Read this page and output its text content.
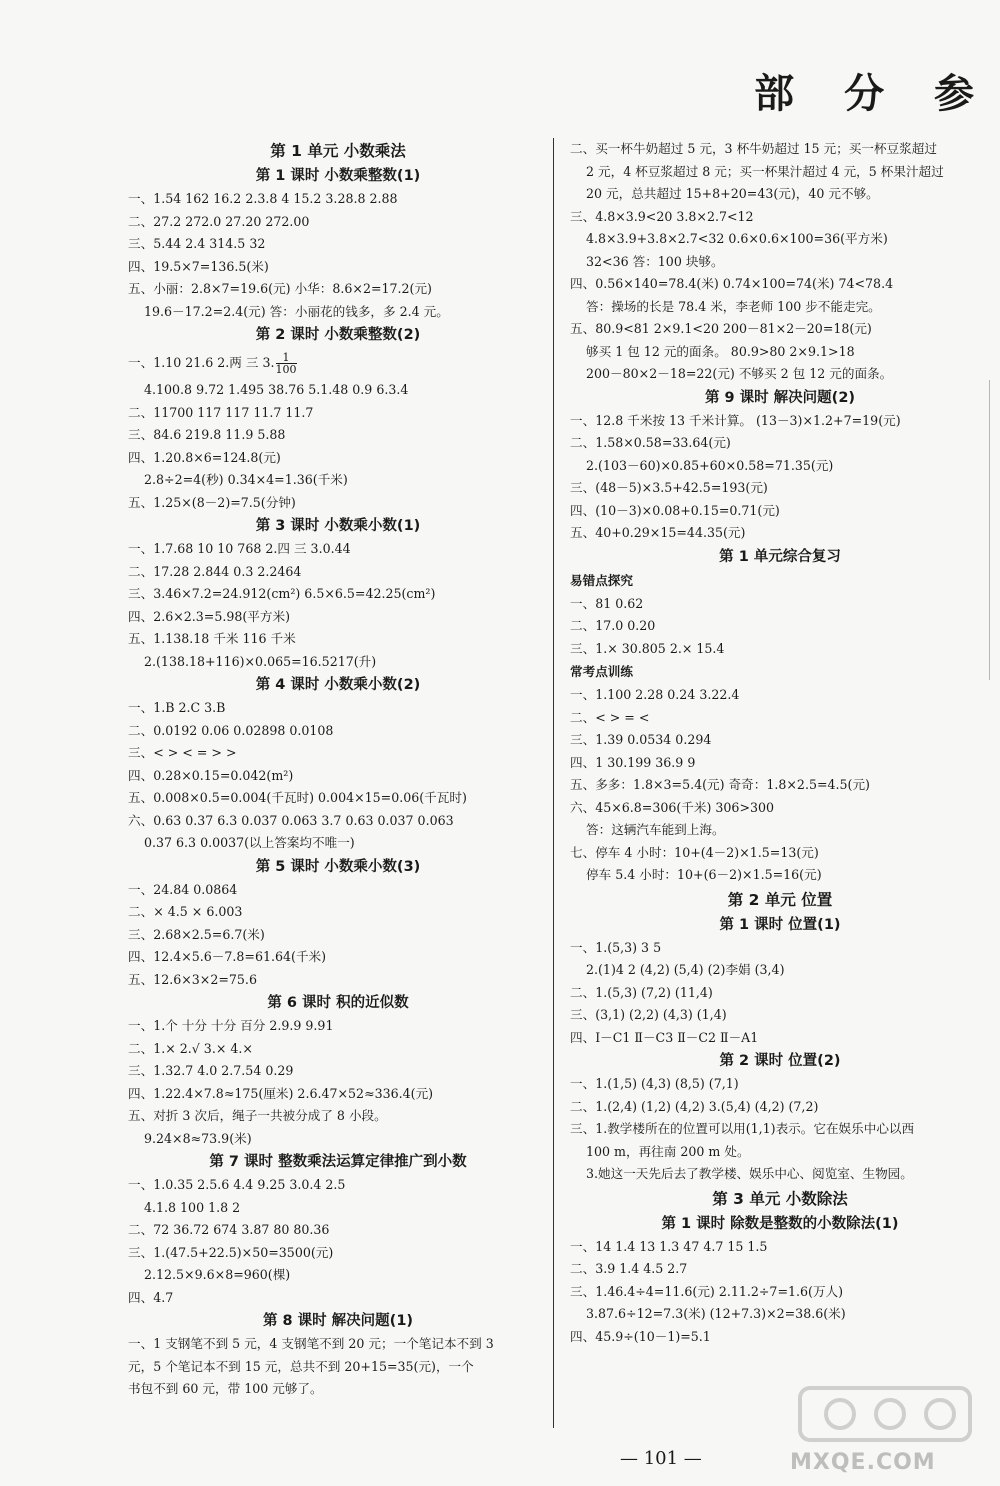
部 分 参
第 1 单元 小数乘法
第 1 课时 小数乘整数(1)
一、1.54 162 16.2 2.3.8 4 15.2 3.28.8 2.88
二、27.2 272.0 27.20 272.00
三、5.44 2.4 314.5 32
四、19.5×7=136.5(米)
五、小丽：2.8×7=19.6(元) 小华：8.6×2=17.2(元)
19.6－17.2=2.4(元) 答：小丽花的钱多，多 2.4 元。
第 2 课时 小数乘整数(2)
一、1.10 21.6 2.两 三 3. $\frac{1}{100}$
4.100.8 9.72 1.495 38.76 5.1.48 0.9 6.3.4
二、11700 117 117 11.7 11.7
三、84.6 219.8 11.9 5.88
四、1.20.8×6=124.8(元)
2.8÷2=4(秒) 0.34×4=1.36(千米)
五、1.25×(8－2)=7.5(分钟)
第 3 课时 小数乘小数(1)
一、1.7.68 10 10 768 2.四 三 3.0.44
二、17.28 2.844 0.3 2.2464
三、3.46×7.2=24.912(cm²) 6.5×6.5=42.25(cm²)
四、2.6×2.3=5.98(平方米)
五、1.138.18 千米 116 千米
2.(138.18+116)×0.065=16.5217(升)
第 4 课时 小数乘小数(2)
一、1.B 2.C 3.B
二、0.0192 0.06 0.02898 0.0108
三、< > < = > >
四、0.28×0.15=0.042(m²)
五、0.008×0.5=0.004(千瓦时) 0.004×15=0.06(千瓦时)
六、0.63 0.37 6.3 0.037 0.063 3.7 0.63 0.037 0.063
0.37 6.3 0.0037(以上答案均不唯一)
第 5 课时 小数乘小数(3)
一、24.84 0.0864
二、× 4.5 × 6.003
三、2.68×2.5=6.7(米)
四、12.4×5.6－7.8=61.64(千米)
五、12.6×3×2=75.6
第 6 课时 积的近似数
一、1.个 十分 十分 百分 2.9.9 9.91
二、1.× 2.√ 3.× 4.×
三、1.32.7 4.0 2.7.54 0.29
四、1.22.4×7.8≈175(厘米) 2.6.47×52≈336.4(元)
五、对折 3 次后，绳子一共被分成了 8 小段。
9.24×8≈73.9(米)
第 7 课时 整数乘法运算定律推广到小数
一、1.0.35 2.5.6 4.4 9.25 3.0.4 2.5
4.1.8 100 1.8 2
二、72 36.72 674 3.87 80 80.36
三、1.(47.5+22.5)×50=3500(元)
2.12.5×9.6×8=960(棵)
四、4.7
第 8 课时 解决问题(1)
一、1 支钢笔不到 5 元，4 支钢笔不到 20 元；一个笔记本不到 3
元，5 个笔记本不到 15 元，总共不到 20+15=35(元)，一个
书包不到 60 元，带 100 元够了。
二、买一杯牛奶超过 5 元，3 杯牛奶超过 15 元；买一杯豆浆超过
2 元，4 杯豆浆超过 8 元；买一杯果汁超过 4 元，5 杯果汁超过
20 元，总共超过 15+8+20=43(元)，40 元不够。
三、4.8×3.9<20 3.8×2.7<12
4.8×3.9+3.8×2.7<32 0.6×0.6×100=36(平方米)
32<36 答：100 块够。
四、0.56×140=78.4(米) 0.74×100=74(米) 74<78.4
答：操场的长是 78.4 米，李老师 100 步不能走完。
五、80.9<81 2×9.1<20 200－81×2－20=18(元)
够买 1 包 12 元的面条。 80.9>80 2×9.1>18
200－80×2－18=22(元) 不够买 2 包 12 元的面条。
第 9 课时 解决问题(2)
一、12.8 千米按 13 千米计算。 (13－3)×1.2+7=19(元)
二、1.58×0.58=33.64(元)
2.(103－60)×0.85+60×0.58=71.35(元)
三、(48－5)×3.5+42.5=193(元)
四、(10－3)×0.08+0.15=0.71(元)
五、40+0.29×15=44.35(元)
第 1 单元综合复习
易错点探究
一、81 0.62
二、17.0 0.20
三、1.× 30.805 2.× 15.4
常考点训练
一、1.100 2.28 0.24 3.22.4
二、< > = <
三、1.39 0.0534 0.294
四、1 30.199 36.9 9
五、多多：1.8×3=5.4(元) 奇奇：1.8×2.5=4.5(元)
六、45×6.8=306(千米) 306>300
答：这辆汽车能到上海。
七、停车 4 小时：10+(4－2)×1.5=13(元)
停车 5.4 小时：10+(6－2)×1.5=16(元)
第 2 单元 位置
第 1 课时 位置(1)
一、1.(5,3) 3 5
2.(1)4 2 (4,2) (5,4) (2)李娟 (3,4)
二、1.(5,3) (7,2) (11,4)
三、(3,1) (2,2) (4,3) (1,4)
四、Ⅰ－C1 Ⅱ－C3 Ⅱ－C2 Ⅱ－A1
第 2 课时 位置(2)
一、1.(1,5) (4,3) (8,5) (7,1)
二、1.(2,4) (1,2) (4,2) 3.(5,4) (4,2) (7,2)
三、1.教学楼所在的位置可以用(1,1)表示。它在娱乐中心以西
100 m，再往南 200 m 处。
3.她这一天先后去了教学楼、娱乐中心、阅览室、生物园。
第 3 单元 小数除法
第 1 课时 除数是整数的小数除法(1)
一、14 1.4 13 1.3 47 4.7 15 1.5
二、3.9 1.4 4.5 2.7
三、1.46.4÷4=11.6(元) 2.11.2÷7=1.6(万人)
3.87.6÷12=7.3(米) (12+7.3)×2=38.6(米)
四、45.9÷(10－1)=5.1
— 101 —	MXQE.COM
